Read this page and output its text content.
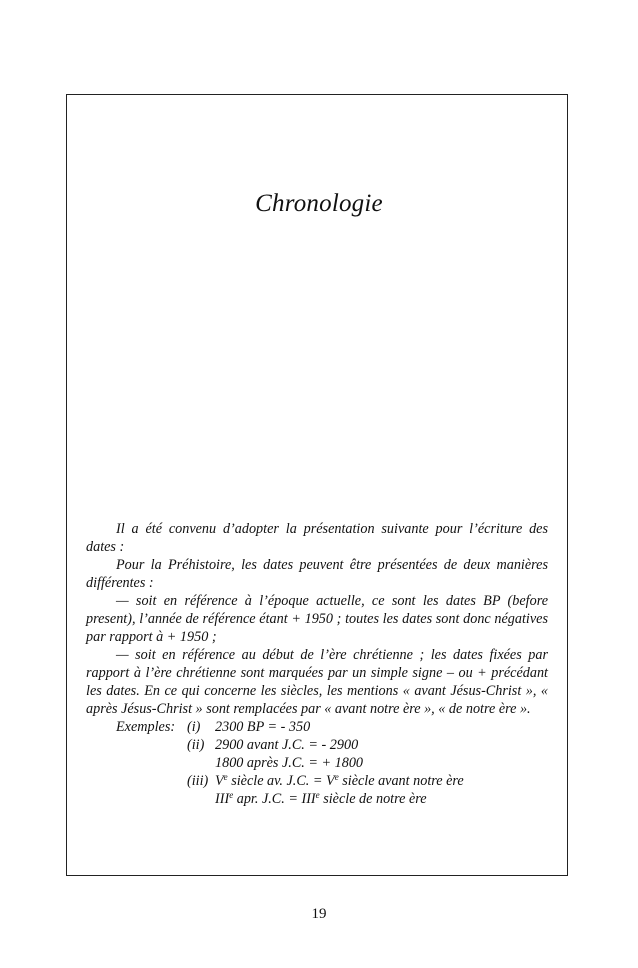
Chronologie

Il a été convenu d’adopter la présentation suivante pour l’écriture des dates :

Pour la Préhistoire, les dates peuvent être présentées de deux manières différentes :

— soit en référence à l’époque actuelle, ce sont les dates BP (before present), l’année de référence étant + 1950 ; toutes les dates sont donc négatives par rapport à + 1950 ;

— soit en référence au début de l’ère chrétienne ; les dates fixées par rapport à l’ère chrétienne sont marquées par un simple signe – ou + précédant les dates. En ce qui concerne les siècles, les mentions « avant Jésus-Christ », « après Jésus-Christ » sont remplacées par « avant notre ère », « de notre ère ».

Exemples: (i)	2300 BP = - 350
(ii) 2900 avant J.C. = - 2900
1800 après J.C. = + 1800
(iii) Ve siècle av. J.C. = $V^e$ siècle avant notre ère
IIIe apr. J.C. = $III^e$ siècle de notre ère
19
